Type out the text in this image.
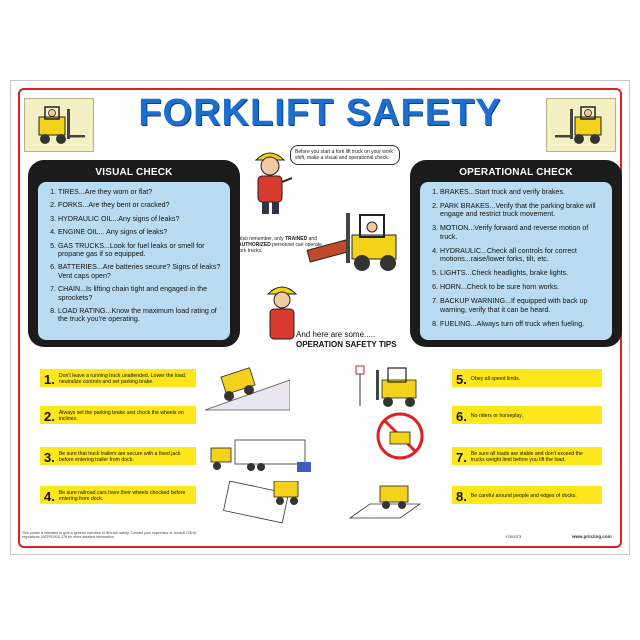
FORKLIFT SAFETY
VISUAL CHECK
1. TIRES...Are they worn or flat?
2. FORKS...Are they bent or cracked?
3. HYDRAULIC OIL...Any signs of leaks?
4. ENGINE OIL... Any signs of leaks?
5. GAS TRUCKS...Look for fuel leaks or smell for propane gas if so equipped.
6. BATTERIES...Are batteries secure? Signs of leaks? Vent caps open?
7. CHAIN...Is lifting chain tight and engaged in the sprockets?
8. LOAD RATING...Know the maximum load rating of the truck you're operating.
OPERATIONAL CHECK
1. BRAKES...Start truck and verify brakes.
2. PARK BRAKES...Verify that the parking brake will engage and restrict truck movement.
3. MOTION...Verify forward and reverse motion of truck.
4. HYDRAULIC...Check all controls for correct motions...raise/lower forks, tilt, etc.
5. LIGHTS...Check headlights, brake lights.
6. HORN...Check to be sure horn works.
7. BACKUP WARNING...If equipped with back up warning, verify that it can be heard.
8. FUELING...Always turn off truck when fueling.
Before you start a fork lift truck on your work shift, make a visual and operational check.
Also remember, only TRAINED and AUTHORIZED personnel can operate fork trucks.
And here are some.....
OPERATION SAFETY TIPS
1. Don't leave a running truck unattended. Lower the load, neutralize controls and set parking brake.
2. Always set the parking brake and chock the wheels on inclines.
3. Be sure that truck trailers are secure with a fixed jack before entering trailer from dock.
4. Be sure railroad cars have their wheels chocked before entering from dock.
5. Obey all speed limits.
6. No riders or horseplay.
7. Be sure all loads are stable and don't exceed the trucks weight limit before you lift the load.
8. Be careful around people and edges of docks.
This poster is intended to give a general overview of lift truck safety. Contact your supervisor or consult OSHA regulations 29CFR1910.178 for more detailed information.	Y2000T3	www.prinzing.com
